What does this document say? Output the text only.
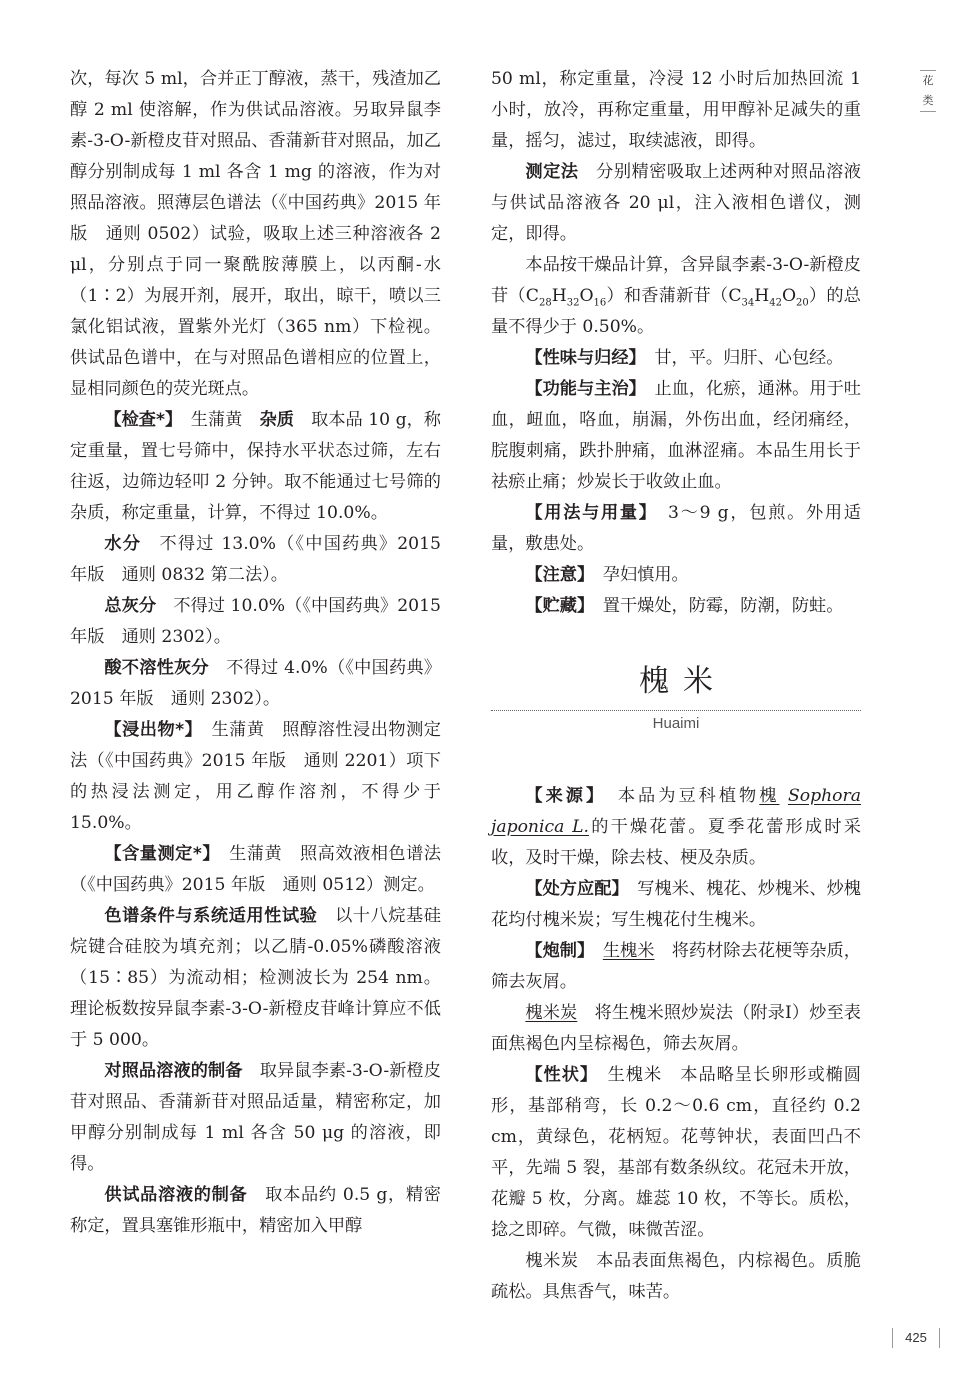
花
类

次，每次 5 ml，合并正丁醇液，蒸干，残渣加乙醇 2 ml 使溶解，作为供试品溶液。另取异鼠李素-3-O-新橙皮苷对照品、香蒲新苷对照品，加乙醇分别制成每 1 ml 各含 1 mg 的溶液，作为对照品溶液。照薄层色谱法（《中国药典》2015 年版　通则 0502）试验，吸取上述三种溶液各 2 μl，分别点于同一聚酰胺薄膜上，以丙酮-水（1∶2）为展开剂，展开，取出，晾干，喷以三氯化铝试液，置紫外光灯（365 nm）下检视。供试品色谱中，在与对照品色谱相应的位置上，显相同颜色的荧光斑点。

【检查*】　 生蒲黄　 杂质　 取本品 10 g，称定重量，置七号筛中，保持水平状态过筛，左右往返，边筛边轻叩 2 分钟。取不能通过七号筛的杂质，称定重量，计算，不得过 10.0%。

水分　 不得过 13.0%（《中国药典》2015 年版　通则 0832 第二法）。

总灰分　 不得过 10.0%（《中国药典》2015 年版　通则 2302）。

酸不溶性灰分　 不得过 4.0%（《中国药典》2015 年版　通则 2302）。

【浸出物*】　 生蒲黄　 照醇溶性浸出物测定法（《中国药典》2015 年版　通则 2201）项下的热浸法测定，用乙醇作溶剂，不得少于 15.0%。

【含量测定*】　 生蒲黄　 照高效液相色谱法（《中国药典》2015 年版　通则 0512）测定。

色谱条件与系统适用性试验　 以十八烷基硅烷键合硅胶为填充剂；以乙腈-0.05%磷酸溶液（15∶85）为流动相；检测波长为 254 nm。理论板数按异鼠李素-3-O-新橙皮苷峰计算应不低于 5 000。

对照品溶液的制备　 取异鼠李素-3-O-新橙皮苷对照品、香蒲新苷对照品适量，精密称定，加甲醇分别制成每 1 ml 各含 50 μg 的溶液，即得。

供试品溶液的制备　 取本品约 0.5 g，精密称定，置具塞锥形瓶中，精密加入甲醇

50 ml，称定重量，冷浸 12 小时后加热回流 1 小时，放冷，再称定重量，用甲醇补足减失的重量，摇匀，滤过，取续滤液，即得。

测定法　 分别精密吸取上述两种对照品溶液与供试品溶液各 20 μl，注入液相色谱仪，测定，即得。

本品按干燥品计算，含异鼠李素-3-O-新橙皮苷$(C_{28}H_{32}O_{16})$和香蒲新苷$(C_{34}H_{42}O_{20})$的总量不得少于 0.50%。

【性味与归经】　 甘，平。归肝、心包经。

【功能与主治】　 止血，化瘀，通淋。用于吐血，衄血，咯血，崩漏，外伤出血，经闭痛经，脘腹刺痛，跌扑肿痛，血淋涩痛。本品生用长于祛瘀止痛；炒炭长于收敛止血。

【用法与用量】　 3～9 g，包煎。外用适量，敷患处。

【注意】　 孕妇慎用。

【贮藏】　 置干燥处，防霉，防潮，防蛀。

槐米
Huaimi

【来源】　 本品为豆科植物槐 Sophora japonica L.的干燥花蕾。夏季花蕾形成时采收，及时干燥，除去枝、梗及杂质。

【处方应配】　 写槐米、槐花、炒槐米、炒槐花均付槐米炭；写生槐花付生槐米。

【炮制】　 生槐米　 将药材除去花梗等杂质，筛去灰屑。

槐米炭　 将生槐米照炒炭法（附录Ⅰ）炒至表面焦褐色内呈棕褐色，筛去灰屑。

【性状】　 生槐米　 本品略呈长卵形或椭圆形，基部稍弯，长 0.2～0.6 cm，直径约 0.2 cm，黄绿色，花柄短。花萼钟状，表面凹凸不平，先端 5 裂，基部有数条纵纹。花冠未开放，花瓣 5 枚，分离。雄蕊 10 枚，不等长。质松，捻之即碎。气微，味微苦涩。

槐米炭　 本品表面焦褐色，内棕褐色。质脆疏松。具焦香气，味苦。

425
